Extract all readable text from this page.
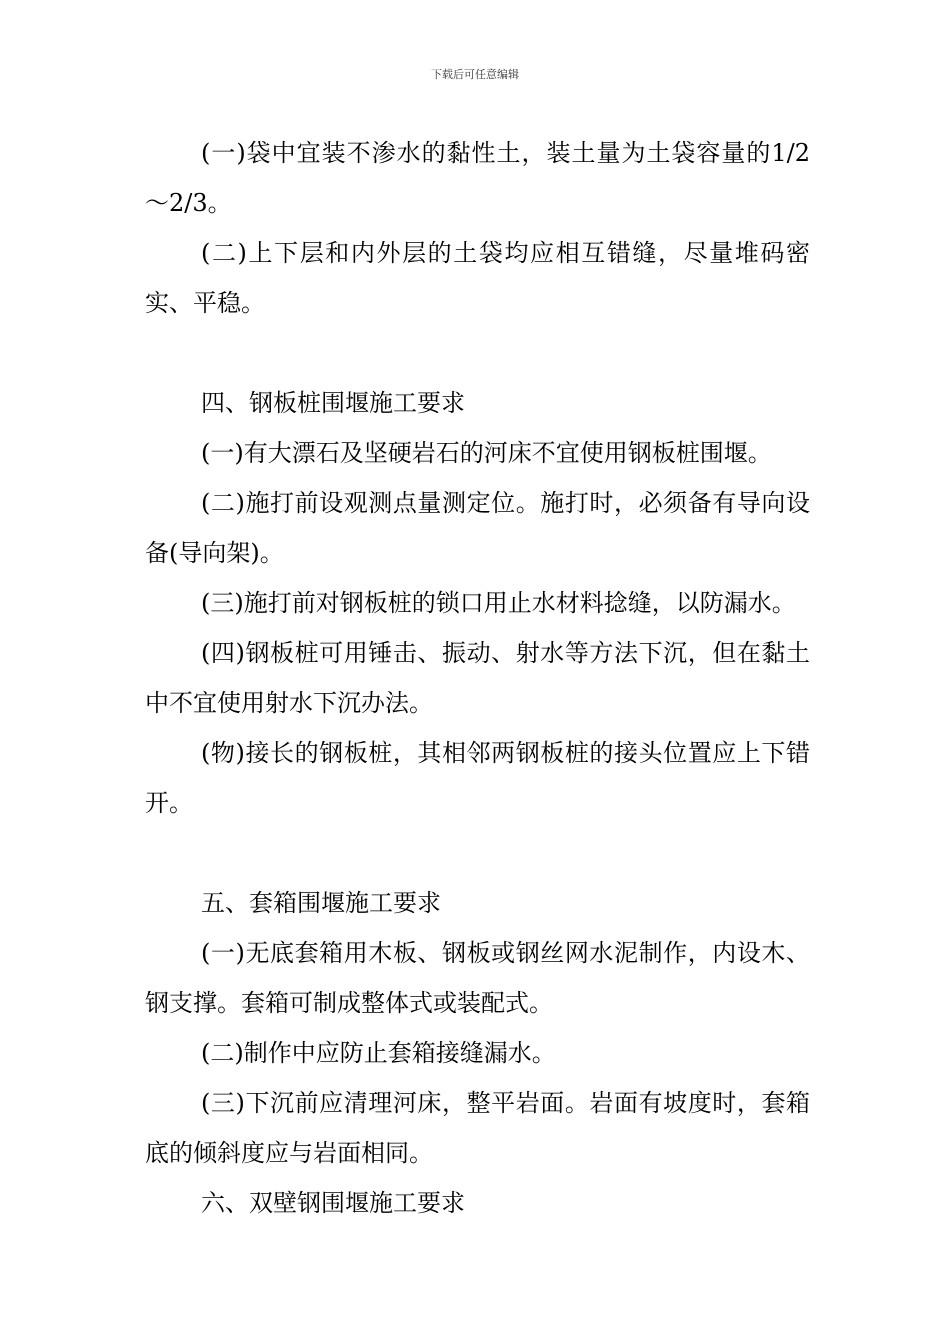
下载后可任意编辑

(一)袋中宜装不渗水的黏性土，装土量为土袋容量的1/2～2/3。

(二)上下层和内外层的土袋均应相互错缝，尽量堆码密实、平稳。

四、钢板桩围堰施工要求

(一)有大漂石及坚硬岩石的河床不宜使用钢板桩围堰。

(二)施打前设观测点量测定位。施打时，必须备有导向设备(导向架)。

(三)施打前对钢板桩的锁口用止水材料捻缝，以防漏水。

(四)钢板桩可用锤击、振动、射水等方法下沉，但在黏土中不宜使用射水下沉办法。

(物)接长的钢板桩，其相邻两钢板桩的接头位置应上下错开。

五、套箱围堰施工要求

(一)无底套箱用木板、钢板或钢丝网水泥制作，内设木、钢支撑。套箱可制成整体式或装配式。

(二)制作中应防止套箱接缝漏水。

(三)下沉前应清理河床，整平岩面。岩面有坡度时，套箱底的倾斜度应与岩面相同。

六、双壁钢围堰施工要求
